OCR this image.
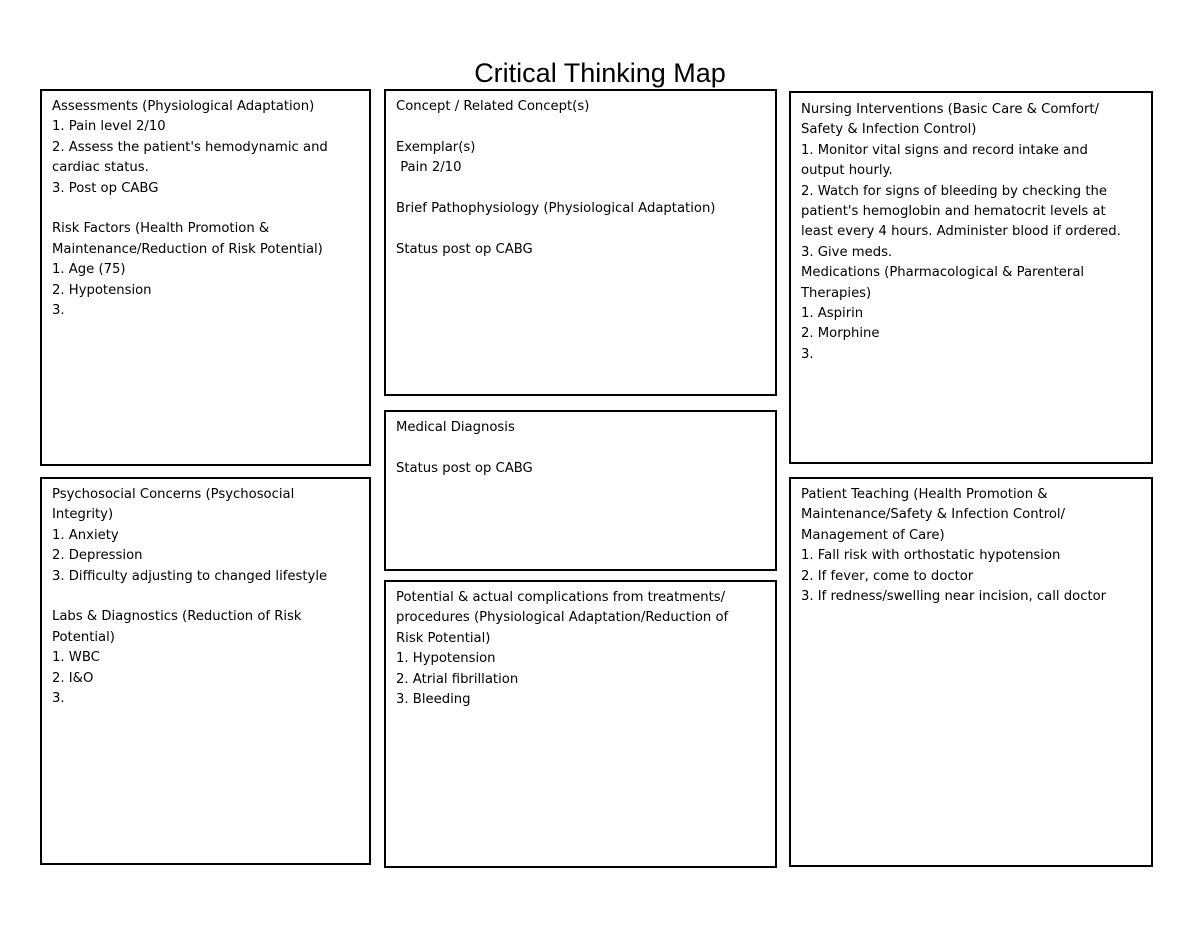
Critical Thinking Map
Assessments (Physiological Adaptation)
1. Pain level 2/10
2. Assess the patient's hemodynamic and
cardiac status.
3. Post op CABG
Risk Factors (Health Promotion &
Maintenance/Reduction of Risk Potential)
1. Age (75)
2. Hypotension
3.
Concept / Related Concept(s)
Exemplar(s)
Pain 2/10
Brief Pathophysiology (Physiological Adaptation)
Status post op CABG
Nursing Interventions (Basic Care & Comfort/
Safety & Infection Control)
1. Monitor vital signs and record intake and
output hourly.
2. Watch for signs of bleeding by checking the
patient's hemoglobin and hematocrit levels at
least every 4 hours. Administer blood if ordered.
3. Give meds.
Medications (Pharmacological & Parenteral
Therapies)
1. Aspirin
2. Morphine
3.
Psychosocial Concerns (Psychosocial
Integrity)
1. Anxiety
2. Depression
3. Difficulty adjusting to changed lifestyle
Labs & Diagnostics (Reduction of Risk
Potential)
1. WBC
2. I&O
3.
Medical Diagnosis
Status post op CABG
Potential & actual complications from treatments/
procedures (Physiological Adaptation/Reduction of
Risk Potential)
1. Hypotension
2. Atrial fibrillation
3. Bleeding
Patient Teaching (Health Promotion &
Maintenance/Safety & Infection Control/
Management of Care)
1. Fall risk with orthostatic hypotension
2. If fever, come to doctor
3. If redness/swelling near incision, call doctor
